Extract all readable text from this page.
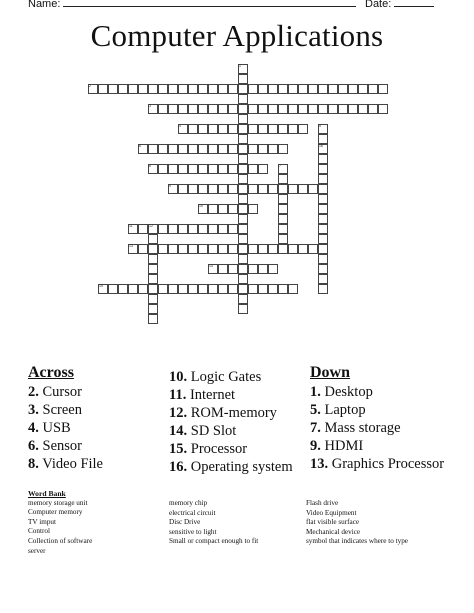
Name:	Date:
Computer Applications
1
2
3
4	5
6
7
8
9
10
11	12
13
14
15
16
Across
2. Cursor
3. Screen
4. USB
6. Sensor
8. Video File
10. Logic Gates
11. Internet
12. ROM-memory
14. SD Slot
15. Processor
16. Operating system
Down
1. Desktop
5. Laptop
7. Mass storage
9. HDMI
13. Graphics Processor
Word Bank
memory storage unit
Computer memory
TV imput
Control
Collection of software
server
memory chip
electrical circuit
Disc Drive
sensitive to light
Small or compact enough to fit
Flash drive
Video Equipment
flat visible surface
Mechanical device
symbol that indicates where to type
